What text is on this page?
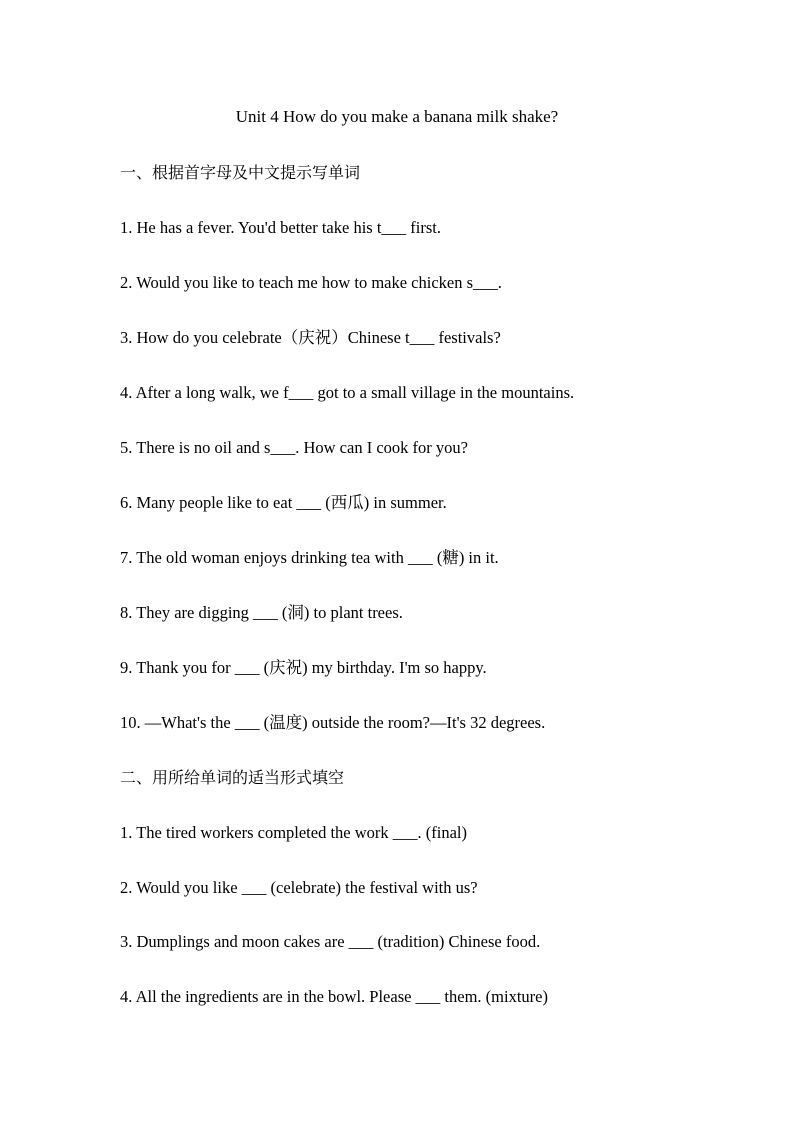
Unit 4 How do you make a banana milk shake?
一、根据首字母及中文提示写单词
1. He has a fever. You'd better take his t___ first.
2. Would you like to teach me how to make chicken s___.
3. How do you celebrate（庆祝）Chinese t___ festivals?
4. After a long walk, we f___ got to a small village in the mountains.
5. There is no oil and s___. How can I cook for you?
6. Many people like to eat ___ (西瓜) in summer.
7. The old woman enjoys drinking tea with ___ (糖) in it.
8. They are digging ___ (洞) to plant trees.
9. Thank you for ___ (庆祝) my birthday. I'm so happy.
10. —What's the ___ (温度) outside the room?—It's 32 degrees.
二、用所给单词的适当形式填空
1. The tired workers completed the work ___. (final)
2. Would you like ___ (celebrate) the festival with us?
3. Dumplings and moon cakes are ___ (tradition) Chinese food.
4. All the ingredients are in the bowl. Please ___ them. (mixture)
